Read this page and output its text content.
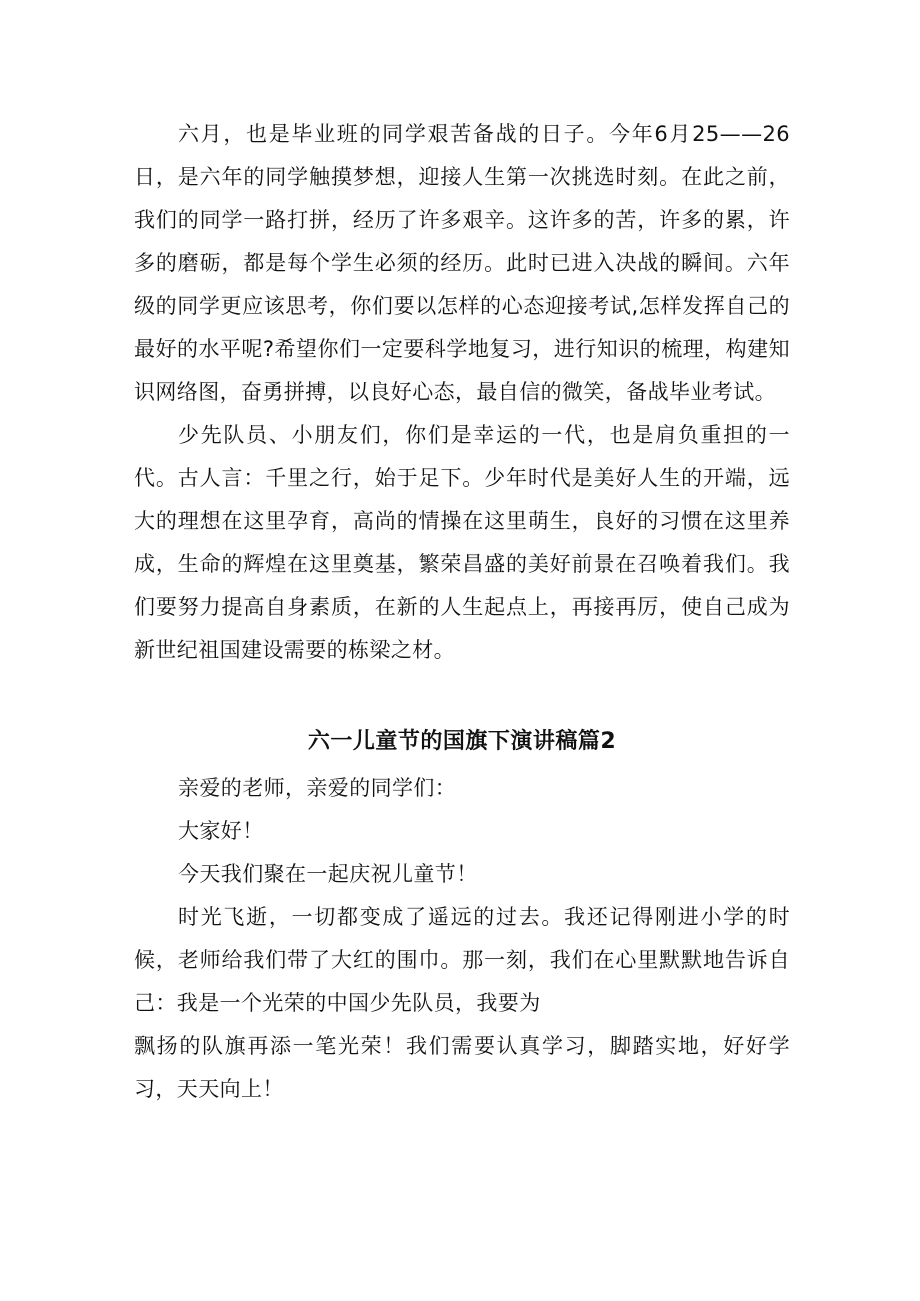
六月，也是毕业班的同学艰苦备战的日子。今年6月25——26日，是六年的同学触摸梦想，迎接人生第一次挑选时刻。在此之前，我们的同学一路打拼，经历了许多艰辛。这许多的苦，许多的累，许多的磨砺，都是每个学生必须的经历。此时已进入决战的瞬间。六年级的同学更应该思考，你们要以怎样的心态迎接考试,怎样发挥自己的最好的水平呢?希望你们一定要科学地复习，进行知识的梳理，构建知识网络图，奋勇拼搏，以良好心态，最自信的微笑，备战毕业考试。

少先队员、小朋友们，你们是幸运的一代，也是肩负重担的一代。古人言：千里之行，始于足下。少年时代是美好人生的开端，远大的理想在这里孕育，高尚的情操在这里萌生，良好的习惯在这里养成，生命的辉煌在这里奠基，繁荣昌盛的美好前景在召唤着我们。我们要努力提高自身素质，在新的人生起点上，再接再厉，使自己成为新世纪祖国建设需要的栋梁之材。

六一儿童节的国旗下演讲稿篇2

亲爱的老师，亲爱的同学们：

大家好！

今天我们聚在一起庆祝儿童节！

时光飞逝，一切都变成了遥远的过去。我还记得刚进小学的时候，老师给我们带了大红的围巾。那一刻，我们在心里默默地告诉自己：我是一个光荣的中国少先队员，我要为

飘扬的队旗再添一笔光荣！我们需要认真学习，脚踏实地，好好学习，天天向上！
